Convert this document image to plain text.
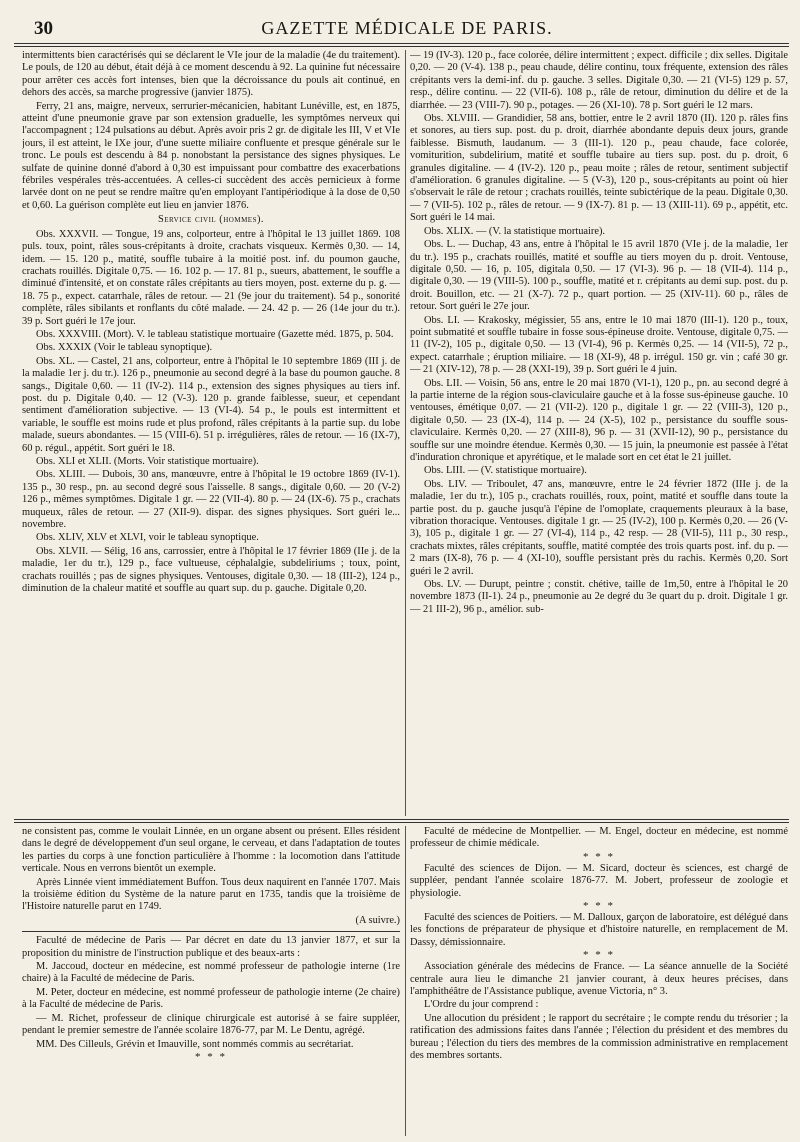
30	GAZETTE MÉDICALE DE PARIS.

intermittents bien caractérisés qui se déclarent le VIe jour de la maladie (4e du traitement). Le pouls, de 120 au début, était déjà à ce moment descendu à 92. La quinine fut nécessaire pour arrêter ces accès fort intenses, bien que la décroissance du pouls ait continué, en dehors des accès, sa marche progressive (janvier 1875).

Ferry, 21 ans, maigre, nerveux, serrurier-mécanicien, habitant Lunéville, est, en 1875, atteint d'une pneumonie grave par son extension graduelle, les symptômes nerveux qui l'accompagnent ; 124 pulsations au début. Après avoir pris 2 gr. de digitale les III, V et VIe jours, il est atteint, le IXe jour, d'une suette miliaire confluente et presque générale sur le tronc. Le pouls est descendu à 84 p. nonobstant la persistance des signes physiques. Le sulfate de quinine donné d'abord à 0,30 est impuissant pour combattre des exacerbations fébriles vespérales très-accentuées. A celles-ci succèdent des accès pernicieux à forme larvée dont on ne peut se rendre maître qu'en employant l'antipériodique à la dose de 0,50 et 0,60. La guérison complète eut lieu en janvier 1876.

Service civil (hommes).

Obs. XXXVII. — Tongue, 19 ans, colporteur, entre à l'hôpital le 13 juillet 1869. 108 puls. toux, point, râles sous-crépitants à droite, crachats visqueux. Kermès 0,30. — 14, idem. — 15. 120 p., matité, souffle tubaire à la moitié post. inf. du poumon gauche, crachats rouillés. Digitale 0,75. — 16. 102 p. — 17. 81 p., sueurs, abattement, le souffle a diminué d'intensité, et on constate râles crépitants au tiers moyen, post. externe du p. g. — 18. 75 p., expect. catarrhale, râles de retour. — 21 (9e jour du traitement). 54 p., sonorité complète, râles sibilants et ronflants du côté malade. — 24. 42 p. — 26 (14e jour du tr.). 39 p. Sort guéri le 17e jour.

Obs. XXXVIII. (Mort). V. le tableau statistique mortuaire (Gazette méd. 1875, p. 504.

Obs. XXXIX (Voir le tableau synoptique).

Obs. XL. — Castel, 21 ans, colporteur, entre à l'hôpital le 10 septembre 1869 (III j. de la maladie 1er j. du tr.). 126 p., pneumonie au second degré à la base du poumon gauche. 8 sangs., Digitale 0,60. — 11 (IV-2). 114 p., extension des signes physiques au tiers inf. post. du p. Digitale 0,40. — 12 (V-3). 120 p. grande faiblesse, sueur, et cependant sentiment d'amélioration subjective. — 13 (VI-4). 54 p., le pouls est intermittent et variable, le souffle est moins rude et plus profond, râles crépitants à la partie sup. du lobe malade, sueurs abondantes. — 15 (VIII-6). 51 p. irrégulières, râles de retour. — 16 (IX-7), 60 p. régul., appétit. Sort guéri le 18.

Obs. XLI et XLII. (Morts. Voir statistique mortuaire).

Obs. XLIII. — Dubois, 30 ans, manœuvre, entre à l'hôpital le 19 octobre 1869 (IV-1). 135 p., 30 resp., pn. au second degré sous l'aisselle. 8 sangs., digitale 0,60. — 20 (V-2) 126 p., mêmes symptômes. Digitale 1 gr. — 22 (VII-4). 80 p. — 24 (IX-6). 75 p., crachats muqueux, râles de retour. — 27 (XII-9). dispar. des signes physiques. Sort guéri le... novembre.

Obs. XLIV, XLV et XLVI, voir le tableau synoptique.

Obs. XLVII. — Sélig, 16 ans, carrossier, entre à l'hôpital le 17 février 1869 (IIe j. de la maladie, 1er du tr.), 129 p., face vultueuse, céphalalgie, subdeliriums ; toux, point, crachats rouillés ; pas de signes physiques. Ventouses, digitale 0,30. — 18 (III-2), 124 p., diminution de la chaleur matité et souffle au quart sup. du p. gauche. Digitale 0,20.

— 19 (IV-3). 120 p., face colorée, délire intermittent ; expect. difficile ; dix selles. Digitale 0,20. — 20 (V-4). 138 p., peau chaude, délire continu, toux fréquente, extension des râles crépitants vers la demi-inf. du p. gauche. 3 selles. Digitale 0,30. — 21 (VI-5) 129 p. 57, resp., délire continu. — 22 (VII-6). 108 p., râle de retour, diminution du délire et de la diarrhée. — 23 (VIII-7). 90 p., potages. — 26 (XI-10). 78 p. Sort guéri le 12 mars.

Obs. XLVIII. — Grandidier, 58 ans, bottier, entre le 2 avril 1870 (II). 120 p. râles fins et sonores, au tiers sup. post. du p. droit, diarrhée abondante depuis deux jours, grande faiblesse. Bismuth, laudanum. — 3 (III-1). 120 p., peau chaude, face colorée, vomiturition, subdelirium, matité et souffle tubaire au tiers sup. post. du p. droit, 6 granules digitaline. — 4 (IV-2). 120 p., peau moite ; râles de retour, sentiment subjectif d'amélioration. 6 granules digitaline. — 5 (V-3), 120 p., sous-crépitants au point où hier s'observait le râle de retour ; crachats rouillés, teinte subictérique de la peau. Digitale 0,30. — 7 (VII-5). 102 p., râles de retour. — 9 (IX-7). 81 p. — 13 (XIII-11). 69 p., appétit, etc. Sort guéri le 14 mai.

Obs. XLIX. — (V. la statistique mortuaire).

Obs. L. — Duchap, 43 ans, entre à l'hôpital le 15 avril 1870 (VIe j. de la maladie, 1er du tr.). 195 p., crachats rouillés, matité et souffle au tiers moyen du p. droit. Ventouse, digitale 0,50. — 16, p. 105, digitala 0,50. — 17 (VI-3). 96 p. — 18 (VII-4). 114 p., digitale 0,30. — 19 (VIII-5). 100 p., souffle, matité et r. crépitants au demi sup. post. du p. droit. Bouillon, etc. — 21 (X-7). 72 p., quart portion. — 25 (XIV-11). 60 p., râles de retour. Sort guéri le 27e jour.

Obs. LI. — Krakosky, mégissier, 55 ans, entre le 10 mai 1870 (III-1). 120 p., toux, point submatité et souffle tubaire in fosse sous-épineuse droite. Ventouse, digitale 0,75. — 11 (IV-2), 105 p., digitale 0,50. — 13 (VI-4), 96 p. Kermès 0,25. — 14 (VII-5), 72 p., expect. catarrhale ; éruption miliaire. — 18 (XI-9), 48 p. irrégul. 150 gr. vin ; café 30 gr. — 21 (XIV-12), 78 p. — 28 (XXI-19), 39 p. Sort guéri le 4 juin.

Obs. LII. — Voisin, 56 ans, entre le 20 mai 1870 (VI-1), 120 p., pn. au second degré à la partie interne de la région sous-claviculaire gauche et à la fosse sus-épineuse gauche. 10 ventouses, émétique 0,07. — 21 (VII-2). 120 p., digitale 1 gr. — 22 (VIII-3), 120 p., digitale 0,50. — 23 (IX-4), 114 p. — 24 (X-5), 102 p., persistance du souffle sous-claviculaire. Kermès 0,20. — 27 (XIII-8), 96 p. — 31 (XVII-12), 90 p., persistance du souffle sur une moindre étendue. Kermès 0,30. — 15 juin, la pneumonie est passée à l'état d'induration chronique et apyrétique, et le malade sort en cet état le 21 juillet.

Obs. LIII. — (V. statistique mortuaire).

Obs. LIV. — Triboulet, 47 ans, manœuvre, entre le 24 février 1872 (IIIe j. de la maladie, 1er du tr.), 105 p., crachats rouillés, roux, point, matité et souffle dans toute la partie post. du p. gauche jusqu'à l'épine de l'omoplate, craquements pleuraux à la base, vibration thoracique. Ventouses. digitale 1 gr. — 25 (IV-2), 100 p. Kermès 0,20. — 26 (V-3), 105 p., digitale 1 gr. — 27 (VI-4), 114 p., 42 resp. — 28 (VII-5), 111 p., 30 resp., crachats mixtes, râles crépitants, souffle, matité comptée des trois quarts post. inf. du p. — 2 mars (IX-8), 76 p. — 4 (XI-10), souffle persistant près du rachis. Kermès 0,20. Sort guéri le 2 avril.

Obs. LV. — Durupt, peintre ; constit. chétive, taille de 1m,50, entre à l'hôpital le 20 novembre 1873 (II-1). 24 p., pneumonie au 2e degré du 3e quart du p. droit. Digitale 1 gr. — 21 III-2), 96 p., amélior. sub-

ne consistent pas, comme le voulait Linnée, en un organe absent ou présent. Elles résident dans le degré de développement d'un seul organe, le cerveau, et dans l'adaptation de toutes les parties du corps à une fonction particulière à l'homme : la locomotion dans l'attitude verticale. Nous en verrons bientôt un exemple.

Après Linnée vient immédiatement Buffon. Tous deux naquirent en l'année 1707. Mais la troisième édition du Système de la nature parut en 1735, tandis que la troisième de l'Histoire naturelle parut en 1749.

(A suivre.)

Faculté de médecine de Paris — Par décret en date du 13 janvier 1877, et sur la proposition du ministre de l'instruction publique et des beaux-arts :

M. Jaccoud, docteur en médecine, est nommé professeur de pathologie interne (1re chaire) à la Faculté de médecine de Paris.

M. Peter, docteur en médecine, est nommé professeur de pathologie interne (2e chaire) à la Faculté de médecine de Paris.

— M. Richet, professeur de clinique chirurgicale est autorisé à se faire suppléer, pendant le premier semestre de l'année scolaire 1876-77, par M. Le Dentu, agrégé.

MM. Des Cilleuls, Grévin et Imauville, sont nommés commis au secrétariat.

* * *

Faculté de médecine de Montpellier. — M. Engel, docteur en médecine, est nommé professeur de chimie médicale.

* * *

Faculté des sciences de Dijon. — M. Sicard, docteur ès sciences, est chargé de suppléer, pendant l'année scolaire 1876-77. M. Jobert, professeur de zoologie et physiologie.

* * *

Faculté des sciences de Poitiers. — M. Dalloux, garçon de laboratoire, est délégué dans les fonctions de préparateur de physique et d'histoire naturelle, en remplacement de M. Dassy, démissionnaire.

* * *

Association générale des médecins de France. — La séance annuelle de la Société centrale aura lieu le dimanche 21 janvier courant, à deux heures précises, dans l'amphithéâtre de l'Assistance publique, avenue Victoria, n° 3.

L'Ordre du jour comprend :

Une allocution du président ; le rapport du secrétaire ; le compte rendu du trésorier ; la ratification des admissions faites dans l'année ; l'élection du président et des membres du bureau ; l'élection du tiers des membres de la commission administrative en remplacement des membres sortants.
